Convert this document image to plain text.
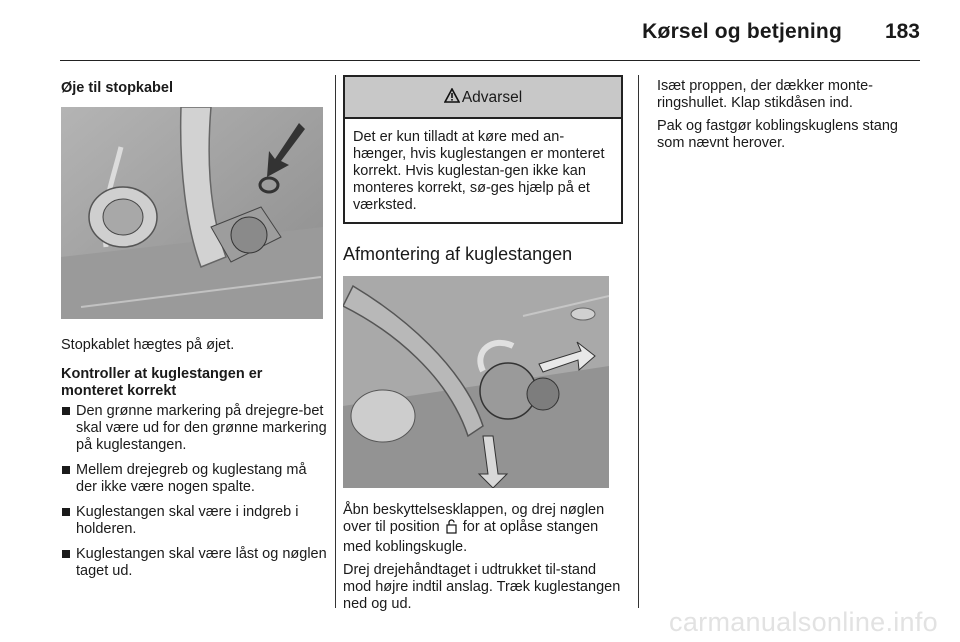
Kørsel og betjening 183
Øje til stopkabel
Stopkablet hægtes på øjet.
Kontroller at kuglestangen er monteret korrekt
Den grønne markering på drejegre-bet skal være ud for den grønne markering på kuglestangen.
Mellem drejegreb og kuglestang må der ikke være nogen spalte.
Kuglestangen skal være i indgreb i holderen.
Kuglestangen skal være låst og nøglen taget ud.
Advarsel
Det er kun tilladt at køre med an-hænger, hvis kuglestangen er monteret korrekt. Hvis kuglestan-gen ikke kan monteres korrekt, sø-ges hjælp på et værksted.
Afmontering af kuglestangen
Åbn beskyttelsesklappen, og drej nøglen over til position for at oplåse stangen med koblingskugle.
Drej drejehåndtaget i udtrukket til-stand mod højre indtil anslag. Træk kuglestangen ned og ud.
Isæt proppen, der dækker monte-ringshullet. Klap stikdåsen ind.
Pak og fastgør koblingskuglens stang som nævnt herover.
carmanualsonline.info
